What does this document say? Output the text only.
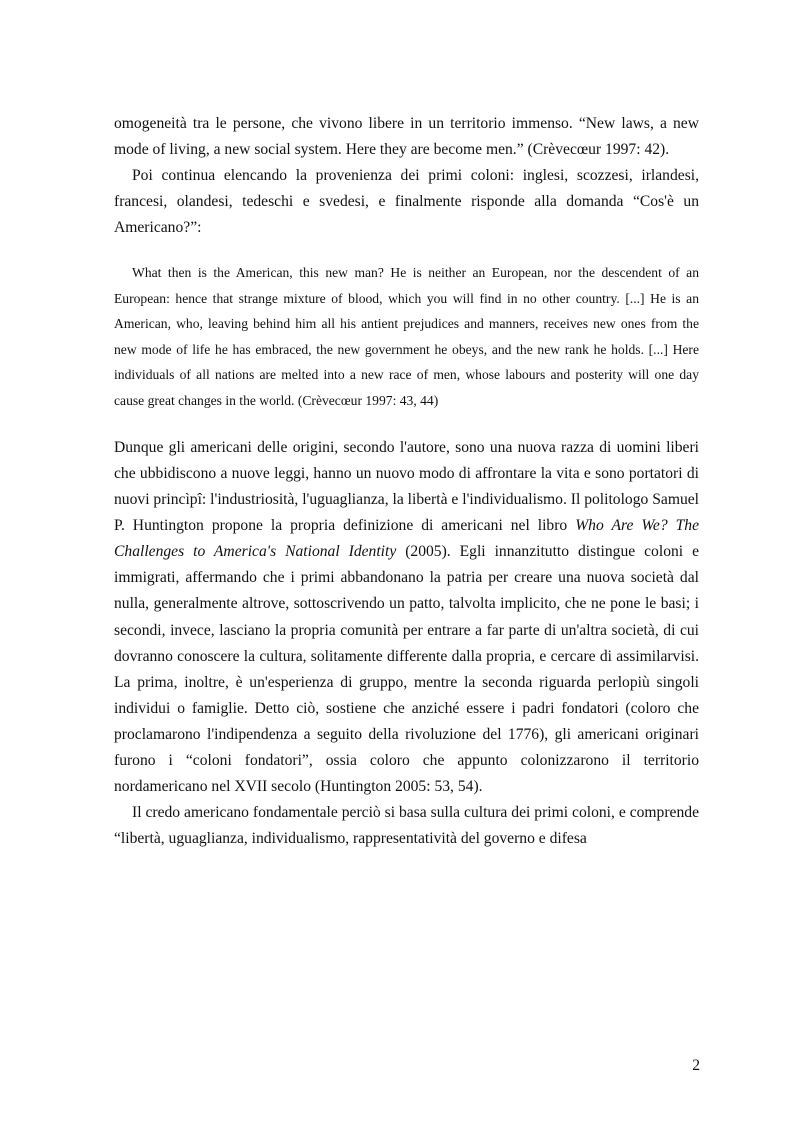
omogeneità tra le persone, che vivono libere in un territorio immenso. “New laws, a new mode of living, a new social system. Here they are become men.” (Crèvecœur 1997: 42).

Poi continua elencando la provenienza dei primi coloni: inglesi, scozzesi, irlandesi, francesi, olandesi, tedeschi e svedesi, e finalmente risponde alla domanda “Cos'è un Americano?”:

What then is the American, this new man? He is neither an European, nor the descendent of an European: hence that strange mixture of blood, which you will find in no other country. [...] He is an American, who, leaving behind him all his antient prejudices and manners, receives new ones from the new mode of life he has embraced, the new government he obeys, and the new rank he holds. [...] Here individuals of all nations are melted into a new race of men, whose labours and posterity will one day cause great changes in the world. (Crèvecœur 1997: 43, 44)

Dunque gli americani delle origini, secondo l'autore, sono una nuova razza di uomini liberi che ubbidiscono a nuove leggi, hanno un nuovo modo di affrontare la vita e sono portatori di nuovi princìpî: l'industriosità, l'uguaglianza, la libertà e l'individualismo. Il politologo Samuel P. Huntington propone la propria definizione di americani nel libro Who Are We? The Challenges to America's National Identity (2005). Egli innanzitutto distingue coloni e immigrati, affermando che i primi abbandonano la patria per creare una nuova società dal nulla, generalmente altrove, sottoscrivendo un patto, talvolta implicito, che ne pone le basi; i secondi, invece, lasciano la propria comunità per entrare a far parte di un'altra società, di cui dovranno conoscere la cultura, solitamente differente dalla propria, e cercare di assimilarvisi. La prima, inoltre, è un'esperienza di gruppo, mentre la seconda riguarda perlopiù singoli individui o famiglie. Detto ciò, sostiene che anziché essere i padri fondatori (coloro che proclamarono l'indipendenza a seguito della rivoluzione del 1776), gli americani originari furono i “coloni fondatori”, ossia coloro che appunto colonizzarono il territorio nordamericano nel XVII secolo (Huntington 2005: 53, 54).

Il credo americano fondamentale perciò si basa sulla cultura dei primi coloni, e comprende “libertà, uguaglianza, individualismo, rappresentatività del governo e difesa

2
